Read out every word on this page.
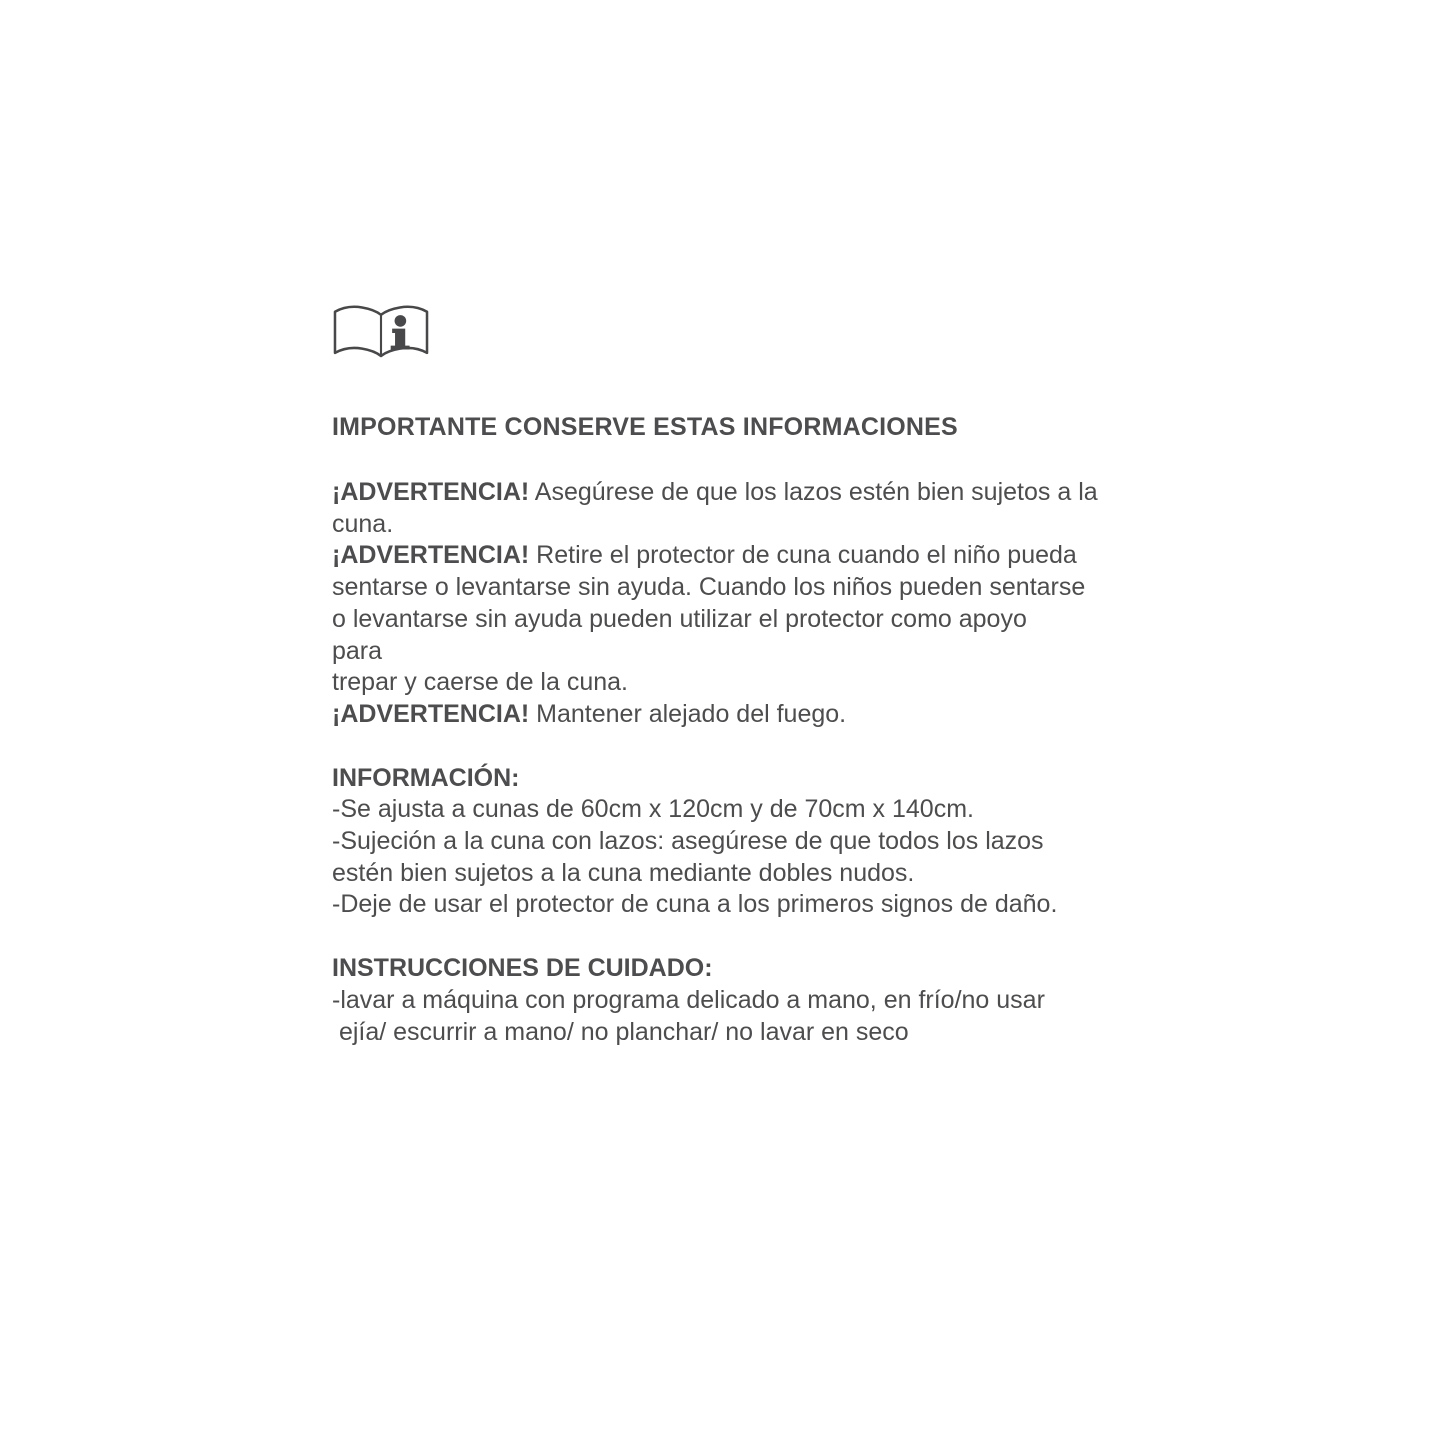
IMPORTANTE CONSERVE ESTAS INFORMACIONES
¡ADVERTENCIA! Asegúrese de que los lazos estén bien sujetos a la
cuna.
¡ADVERTENCIA! Retire el protector de cuna cuando el niño pueda
sentarse o levantarse sin ayuda. Cuando los niños pueden sentarse
o levantarse sin ayuda pueden utilizar el protector como apoyo
para
trepar y caerse de la cuna.
¡ADVERTENCIA! Mantener alejado del fuego.
INFORMACIÓN:
-Se ajusta a cunas de 60cm x 120cm y de 70cm x 140cm.
-Sujeción a la cuna con lazos: asegúrese de que todos los lazos
estén bien sujetos a la cuna mediante dobles nudos.
-Deje de usar el protector de cuna a los primeros signos de daño.
INSTRUCCIONES DE CUIDADO:
-lavar a máquina con programa delicado a mano, en frío/no usar
ejía/ escurrir a mano/ no planchar/ no lavar en seco
